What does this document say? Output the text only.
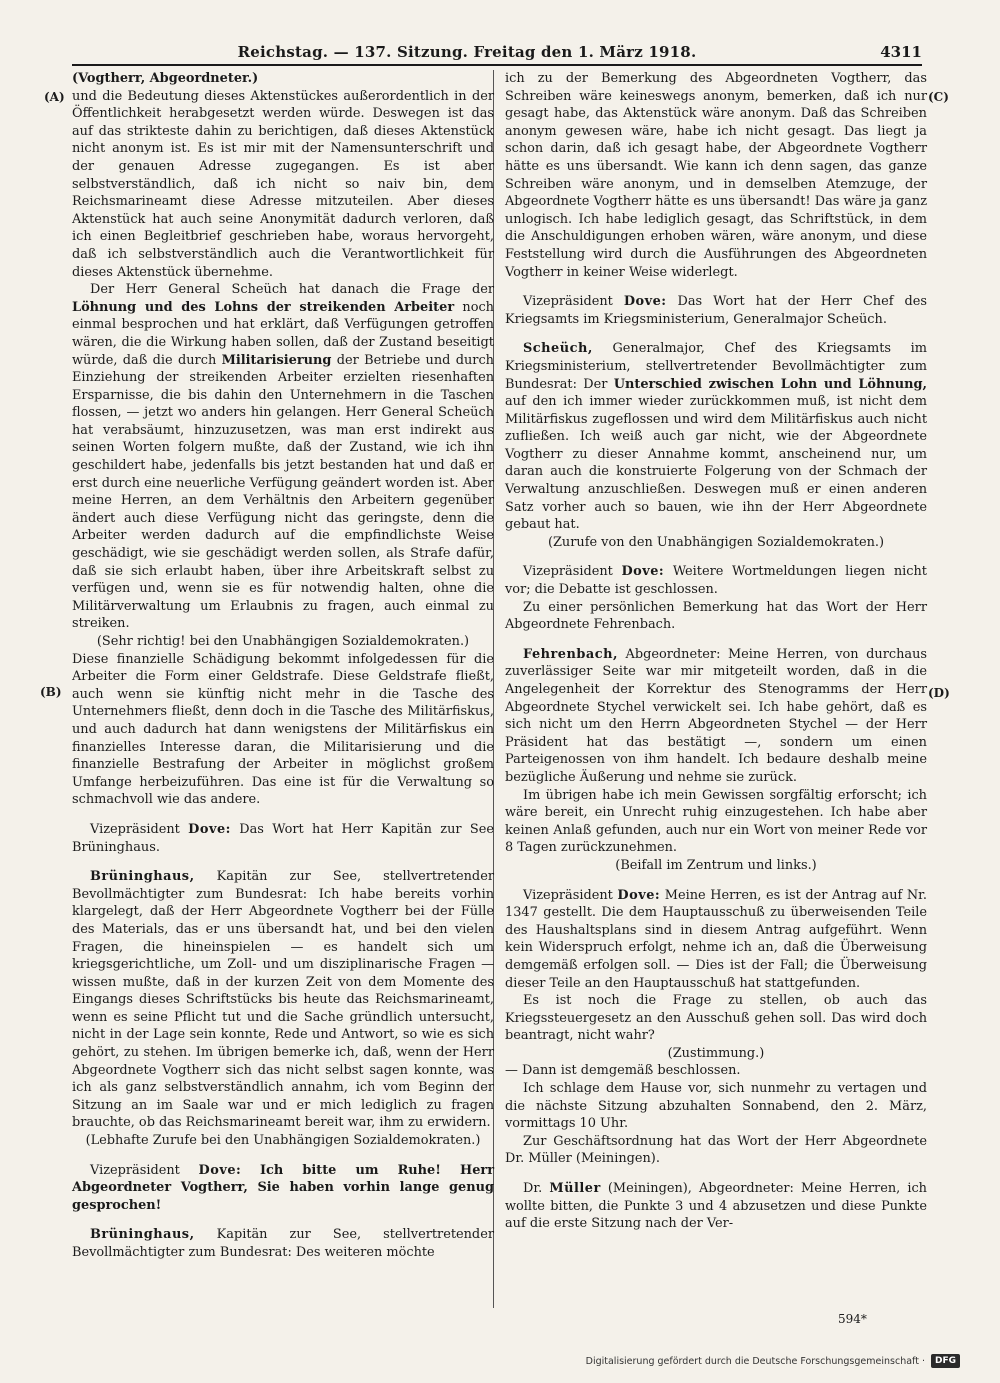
Reichstag. — 137. Sitzung. Freitag den 1. März 1918.	4311
(A)
(B)
(C)
(D)

(Vogtherr, Abgeordneter.)

und die Bedeutung dieses Aktenstückes außerordentlich in der Öffentlichkeit herabgesetzt werden würde. Deswegen ist das auf das strikteste dahin zu berichtigen, daß dieses Aktenstück nicht anonym ist. Es ist mir mit der Namensunterschrift und der genauen Adresse zugegangen. Es ist aber selbstverständlich, daß ich nicht so naiv bin, dem Reichsmarineamt diese Adresse mitzuteilen. Aber dieses Aktenstück hat auch seine Anonymität dadurch verloren, daß ich einen Begleitbrief geschrieben habe, woraus hervorgeht, daß ich selbstverständlich auch die Verantwortlichkeit für dieses Aktenstück übernehme.

Der Herr General Scheüch hat danach die Frage der Löhnung und des Lohns der streikenden Arbeiter noch einmal besprochen und hat erklärt, daß Verfügungen getroffen wären, die die Wirkung haben sollen, daß der Zustand beseitigt würde, daß die durch Militarisierung der Betriebe und durch Einziehung der streikenden Arbeiter erzielten riesenhaften Ersparnisse, die bis dahin den Unternehmern in die Taschen flossen, — jetzt wo anders hin gelangen. Herr General Scheüch hat verabsäumt, hinzuzusetzen, was man erst indirekt aus seinen Worten folgern mußte, daß der Zustand, wie ich ihn geschildert habe, jedenfalls bis jetzt bestanden hat und daß er erst durch eine neuerliche Verfügung geändert worden ist. Aber meine Herren, an dem Verhältnis den Arbeitern gegenüber ändert auch diese Verfügung nicht das geringste, denn die Arbeiter werden dadurch auf die empfindlichste Weise geschädigt, wie sie geschädigt werden sollen, als Strafe dafür, daß sie sich erlaubt haben, über ihre Arbeitskraft selbst zu verfügen und, wenn sie es für notwendig halten, ohne die Militärverwaltung um Erlaubnis zu fragen, auch einmal zu streiken.

(Sehr richtig! bei den Unabhängigen Sozialdemokraten.)

Diese finanzielle Schädigung bekommt infolgedessen für die Arbeiter die Form einer Geldstrafe. Diese Geldstrafe fließt, auch wenn sie künftig nicht mehr in die Tasche des Unternehmers fließt, denn doch in die Tasche des Militärfiskus, und auch dadurch hat dann wenigstens der Militärfiskus ein finanzielles Interesse daran, die Militarisierung und die finanzielle Bestrafung der Arbeiter in möglichst großem Umfange herbeizuführen. Das eine ist für die Verwaltung so schmachvoll wie das andere.

Vizepräsident Dove: Das Wort hat Herr Kapitän zur See Brüninghaus.

Brüninghaus, Kapitän zur See, stellvertretender Bevollmächtigter zum Bundesrat: Ich habe bereits vorhin klargelegt, daß der Herr Abgeordnete Vogtherr bei der Fülle des Materials, das er uns übersandt hat, und bei den vielen Fragen, die hineinspielen — es handelt sich um kriegsgerichtliche, um Zoll- und um disziplinarische Fragen — wissen mußte, daß in der kurzen Zeit von dem Momente des Eingangs dieses Schriftstücks bis heute das Reichsmarineamt, wenn es seine Pflicht tut und die Sache gründlich untersucht, nicht in der Lage sein konnte, Rede und Antwort, so wie es sich gehört, zu stehen. Im übrigen bemerke ich, daß, wenn der Herr Abgeordnete Vogtherr sich das nicht selbst sagen konnte, was ich als ganz selbstverständlich annahm, ich vom Beginn der Sitzung an im Saale war und er mich lediglich zu fragen brauchte, ob das Reichsmarineamt bereit war, ihm zu erwidern.

(Lebhafte Zurufe bei den Unabhängigen Sozialdemokraten.)

Vizepräsident Dove: Ich bitte um Ruhe! Herr Abgeordneter Vogtherr, Sie haben vorhin lange genug gesprochen!

Brüninghaus, Kapitän zur See, stellvertretender Bevollmächtigter zum Bundesrat: Des weiteren möchte

ich zu der Bemerkung des Abgeordneten Vogtherr, das Schreiben wäre keineswegs anonym, bemerken, daß ich nur gesagt habe, das Aktenstück wäre anonym. Daß das Schreiben anonym gewesen wäre, habe ich nicht gesagt. Das liegt ja schon darin, daß ich gesagt habe, der Abgeordnete Vogtherr hätte es uns übersandt. Wie kann ich denn sagen, das ganze Schreiben wäre anonym, und in demselben Atemzuge, der Abgeordnete Vogtherr hätte es uns übersandt! Das wäre ja ganz unlogisch. Ich habe lediglich gesagt, das Schriftstück, in dem die Anschuldigungen erhoben wären, wäre anonym, und diese Feststellung wird durch die Ausführungen des Abgeordneten Vogtherr in keiner Weise widerlegt.

Vizepräsident Dove: Das Wort hat der Herr Chef des Kriegsamts im Kriegsministerium, Generalmajor Scheüch.

Scheüch, Generalmajor, Chef des Kriegsamts im Kriegsministerium, stellvertretender Bevollmächtigter zum Bundesrat: Der Unterschied zwischen Lohn und Löhnung, auf den ich immer wieder zurückkommen muß, ist nicht dem Militärfiskus zugeflossen und wird dem Militärfiskus auch nicht zufließen. Ich weiß auch gar nicht, wie der Abgeordnete Vogtherr zu dieser Annahme kommt, anscheinend nur, um daran auch die konstruierte Folgerung von der Schmach der Verwaltung anzuschließen. Deswegen muß er einen anderen Satz vorher auch so bauen, wie ihn der Herr Abgeordnete gebaut hat.

(Zurufe von den Unabhängigen Sozialdemokraten.)

Vizepräsident Dove: Weitere Wortmeldungen liegen nicht vor; die Debatte ist geschlossen.

Zu einer persönlichen Bemerkung hat das Wort der Herr Abgeordnete Fehrenbach.

Fehrenbach, Abgeordneter: Meine Herren, von durchaus zuverlässiger Seite war mir mitgeteilt worden, daß in die Angelegenheit der Korrektur des Stenogramms der Herr Abgeordnete Stychel verwickelt sei. Ich habe gehört, daß es sich nicht um den Herrn Abgeordneten Stychel — der Herr Präsident hat das bestätigt —, sondern um einen Parteigenossen von ihm handelt. Ich bedaure deshalb meine bezügliche Äußerung und nehme sie zurück.

Im übrigen habe ich mein Gewissen sorgfältig erforscht; ich wäre bereit, ein Unrecht ruhig einzugestehen. Ich habe aber keinen Anlaß gefunden, auch nur ein Wort von meiner Rede vor 8 Tagen zurückzunehmen.

(Beifall im Zentrum und links.)

Vizepräsident Dove: Meine Herren, es ist der Antrag auf Nr. 1347 gestellt. Die dem Hauptausschuß zu überweisenden Teile des Haushaltsplans sind in diesem Antrag aufgeführt. Wenn kein Widerspruch erfolgt, nehme ich an, daß die Überweisung demgemäß erfolgen soll. — Dies ist der Fall; die Überweisung dieser Teile an den Hauptausschuß hat stattgefunden.

Es ist noch die Frage zu stellen, ob auch das Kriegssteuergesetz an den Ausschuß gehen soll. Das wird doch beantragt, nicht wahr?

(Zustimmung.)

— Dann ist demgemäß beschlossen.

Ich schlage dem Hause vor, sich nunmehr zu vertagen und die nächste Sitzung abzuhalten Sonnabend, den 2. März, vormittags 10 Uhr.

Zur Geschäftsordnung hat das Wort der Herr Abgeordnete Dr. Müller (Meiningen).

Dr. Müller (Meiningen), Abgeordneter: Meine Herren, ich wollte bitten, die Punkte 3 und 4 abzusetzen und diese Punkte auf die erste Sitzung nach der Ver-

594*
Digitalisierung gefördert durch die Deutsche Forschungsgemeinschaft ·	DFG
